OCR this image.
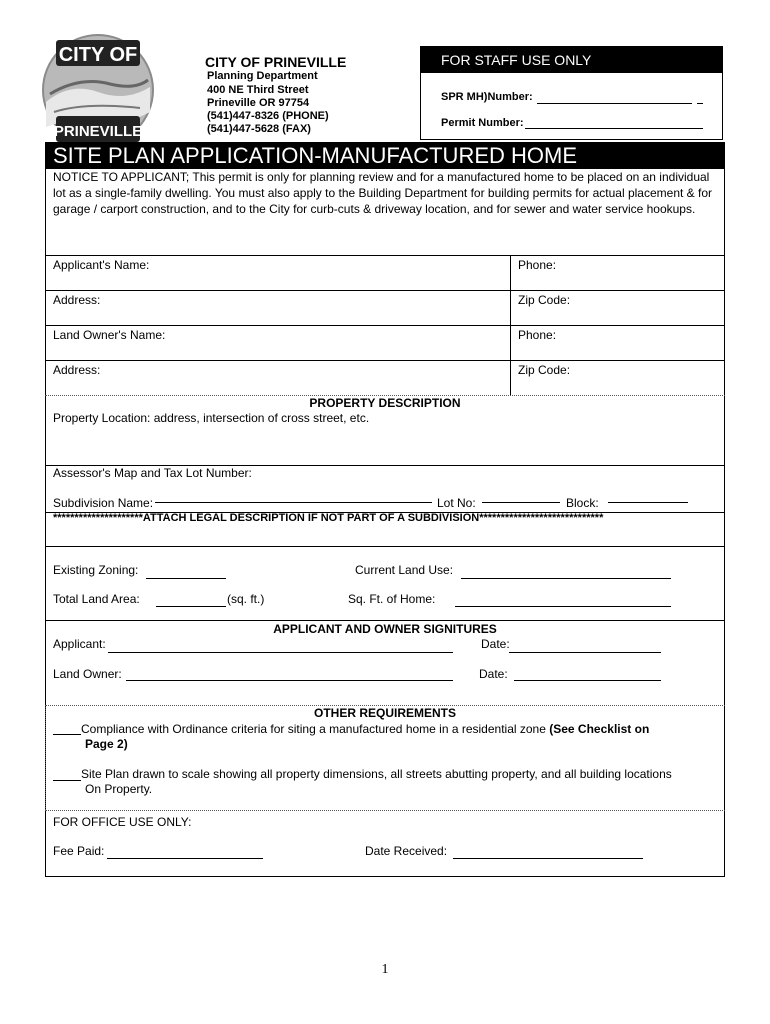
CITY OF
PRINEVILLE
CITY OF PRINEVILLE
Planning Department
400 NE Third Street
Prineville OR 97754
(541)447-8326 (PHONE)
(541)447-5628 (FAX)
FOR STAFF USE ONLY
SPR MH)Number:
Permit Number:
SITE PLAN APPLICATION-MANUFACTURED HOME
NOTICE TO APPLICANT; This permit is only for planning review and for a manufactured home to be placed on an individual lot as a single-family dwelling. You must also apply to the Building Department for building permits for actual placement & for garage / carport construction, and to the City for curb-cuts & driveway location, and for sewer and water service hookups.
Applicant's Name:	Phone:
Address:	Zip Code:
Land Owner's Name:	Phone:
Address:	Zip Code:
PROPERTY DESCRIPTION
Property Location: address, intersection of cross street, etc.
Assessor's Map and Tax Lot Number:
Subdivision Name:	Lot No:	Block:
*********************ATTACH LEGAL DESCRIPTION IF NOT PART OF A SUBDIVISION*****************************
Existing Zoning:	Current Land Use:
Total Land Area:	(sq. ft.)	Sq. Ft. of Home:
APPLICANT AND OWNER SIGNITURES
Applicant:	Date:
Land Owner:	Date:
OTHER REQUIREMENTS
Compliance with Ordinance criteria for siting a manufactured home in a residential zone (See Checklist on
Page 2)
Site Plan drawn to scale showing all property dimensions, all streets abutting property, and all building locations
On Property.
FOR OFFICE USE ONLY:
Fee Paid:	Date Received:
1
